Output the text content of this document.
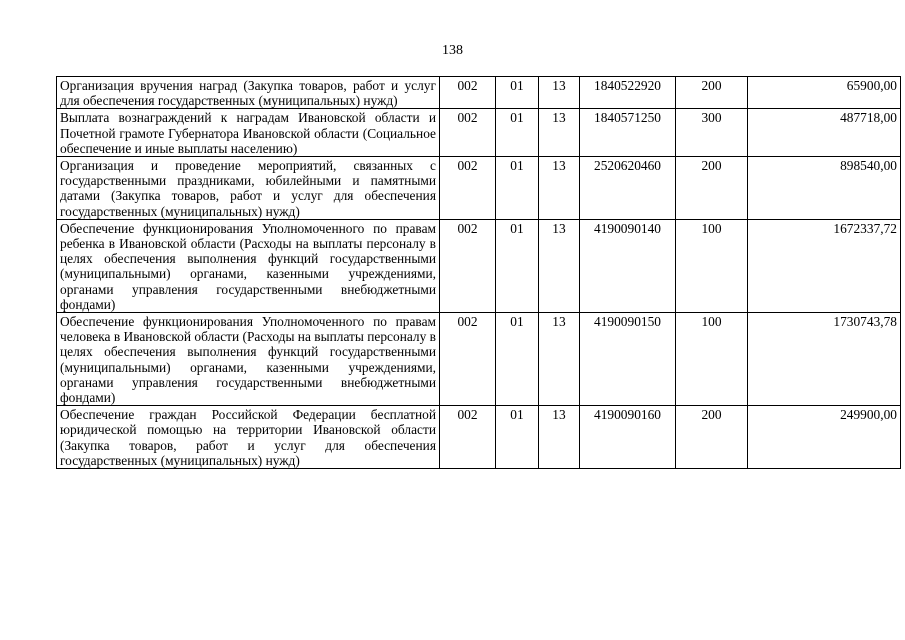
138
Организация вручения наград (Закупка товаров, работ и услуг для обеспечения государственных (муниципальных) нужд)	002	01	13	1840522920	200	65900,00
Выплата вознаграждений к наградам Ивановской области и Почетной грамоте Губернатора Ивановской области (Социальное обеспечение и иные выплаты населению)	002	01	13	1840571250	300	487718,00
Организация и проведение мероприятий, связанных с государственными праздниками, юбилейными и памятными датами (Закупка товаров, работ и услуг для обеспечения государственных (муниципальных) нужд)	002	01	13	2520620460	200	898540,00
Обеспечение функционирования Уполномоченного по правам ребенка в Ивановской области (Расходы на выплаты персоналу в целях обеспечения выполнения функций государственными (муниципальными) органами, казенными учреждениями, органами управления государственными внебюджетными фондами)	002	01	13	4190090140	100	1672337,72
Обеспечение функционирования Уполномоченного по правам человека в Ивановской области (Расходы на выплаты персоналу в целях обеспечения выполнения функций государственными (муниципальными) органами, казенными учреждениями, органами управления государственными внебюджетными фондами)	002	01	13	4190090150	100	1730743,78
Обеспечение граждан Российской Федерации бесплатной юридической помощью на территории Ивановской области (Закупка товаров, работ и услуг для обеспечения государственных (муниципальных) нужд)	002	01	13	4190090160	200	249900,00
